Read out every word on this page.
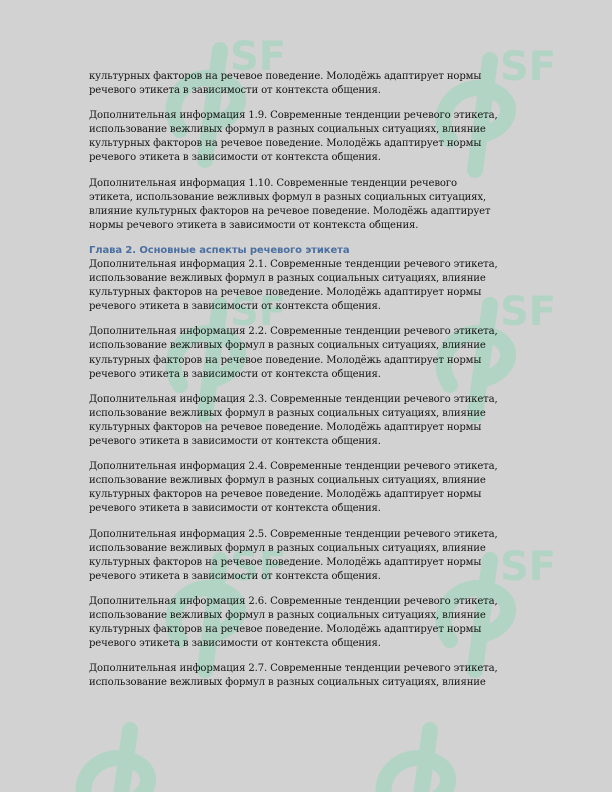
SF	SF
SF	SF
SF	SF
культурных факторов на речевое поведение. Молодёжь адаптирует нормы
речевого этикета в зависимости от контекста общения.
Дополнительная информация 1.9. Современные тенденции речевого этикета,
использование вежливых формул в разных социальных ситуациях, влияние
культурных факторов на речевое поведение. Молодёжь адаптирует нормы
речевого этикета в зависимости от контекста общения.
Дополнительная информация 1.10. Современные тенденции речевого
этикета, использование вежливых формул в разных социальных ситуациях,
влияние культурных факторов на речевое поведение. Молодёжь адаптирует
нормы речевого этикета в зависимости от контекста общения.
Глава 2. Основные аспекты речевого этикета
Дополнительная информация 2.1. Современные тенденции речевого этикета,
использование вежливых формул в разных социальных ситуациях, влияние
культурных факторов на речевое поведение. Молодёжь адаптирует нормы
речевого этикета в зависимости от контекста общения.
Дополнительная информация 2.2. Современные тенденции речевого этикета,
использование вежливых формул в разных социальных ситуациях, влияние
культурных факторов на речевое поведение. Молодёжь адаптирует нормы
речевого этикета в зависимости от контекста общения.
Дополнительная информация 2.3. Современные тенденции речевого этикета,
использование вежливых формул в разных социальных ситуациях, влияние
культурных факторов на речевое поведение. Молодёжь адаптирует нормы
речевого этикета в зависимости от контекста общения.
Дополнительная информация 2.4. Современные тенденции речевого этикета,
использование вежливых формул в разных социальных ситуациях, влияние
культурных факторов на речевое поведение. Молодёжь адаптирует нормы
речевого этикета в зависимости от контекста общения.
Дополнительная информация 2.5. Современные тенденции речевого этикета,
использование вежливых формул в разных социальных ситуациях, влияние
культурных факторов на речевое поведение. Молодёжь адаптирует нормы
речевого этикета в зависимости от контекста общения.
Дополнительная информация 2.6. Современные тенденции речевого этикета,
использование вежливых формул в разных социальных ситуациях, влияние
культурных факторов на речевое поведение. Молодёжь адаптирует нормы
речевого этикета в зависимости от контекста общения.
Дополнительная информация 2.7. Современные тенденции речевого этикета,
использование вежливых формул в разных социальных ситуациях, влияние
